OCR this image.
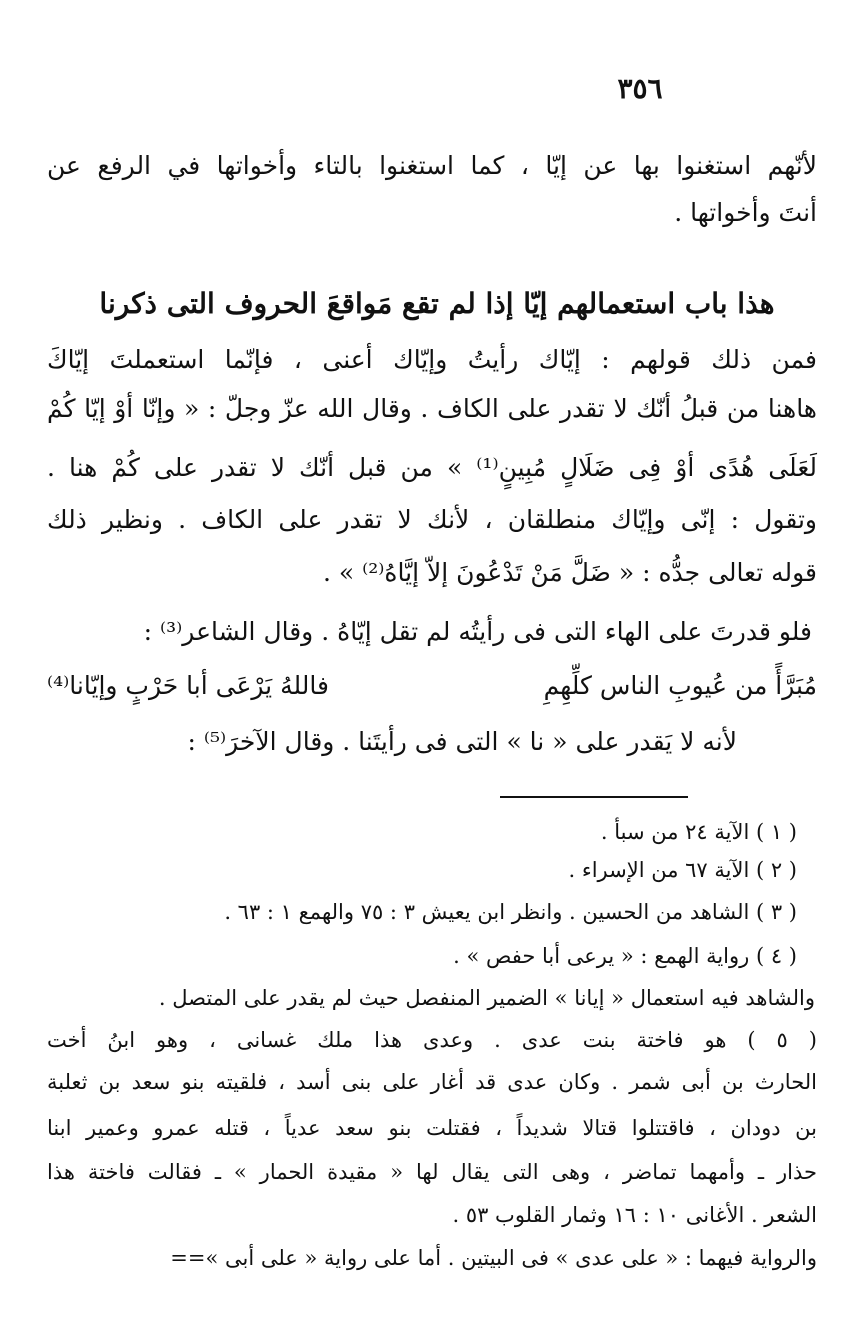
٣٥٦
لأنّهم استغنوا بها عن إيّا ، كما استغنوا بالتاء وأخواتها في الرفع عن
أنتَ وأخواتها .
هذا باب استعمالهم إيّا إذا لم تقع مَواقعَ الحروف التى ذكرنا
فمن ذلك قولهم : إيّاك رأيتُ وإيّاك أعنى ، فإنّما استعملتَ إيّاكَ
هاهنا من قبلُ أنّك لا تقدر على الكاف . وقال الله عزّ وجلّ : « وإنّا أوْ إيّا كُمْ
لَعَلَى هُدًى أوْ فِى ضَلَالٍ مُبِينٍ⁽¹⁾ » من قبل أنّك لا تقدر على كُمْ هنا .
وتقول : إنّى وإيّاك منطلقان ، لأنك لا تقدر على الكاف . ونظير ذلك
قوله تعالى جدُّه : « ضَلَّ مَنْ تَدْعُونَ إلاّ إيَّاهُ⁽²⁾ » .
فلو قدرتَ على الهاء التى فى رأيتُه لم تقل إيّاهُ . وقال الشاعر⁽³⁾ :
مُبَرَّأً من عُيوبِ الناس كلِّهِمِ
فاللهُ يَرْعَى أبا حَرْبٍ وإيّانا⁽⁴⁾
لأنه لا يَقدر على « نا » التى فى رأيتَنا . وقال الآخرَ⁽⁵⁾ :
( ١ ) الآية ٢٤ من سبأ .
( ٢ ) الآية ٦٧ من الإسراء .
( ٣ ) الشاهد من الحسين . وانظر ابن يعيش ٣ : ٧٥ والهمع ١ : ٦٣ .
( ٤ ) رواية الهمع : « يرعى أبا حفص » .
والشاهد فيه استعمال « إيانا » الضمير المنفصل حيث لم يقدر على المتصل .
( ٥ ) هو فاختة بنت عدى . وعدى هذا ملك غسانى ، وهو ابنُ أخت
الحارث بن أبى شمر . وكان عدى قد أغار على بنى أسد ، فلقيته بنو سعد بن ثعلبة
بن دودان ، فاقتتلوا قتالا شديداً ، فقتلت بنو سعد عدياً ، قتله عمرو وعمير ابنا
حذار ـ وأمهما تماضر ، وهى التى يقال لها « مقيدة الحمار » ـ فقالت فاختة هذا
الشعر . الأغانى ١٠ : ١٦ وثمار القلوب ٥٣ .
والرواية فيهما : « على عدى » فى البيتين . أما على رواية « على أبى »==
